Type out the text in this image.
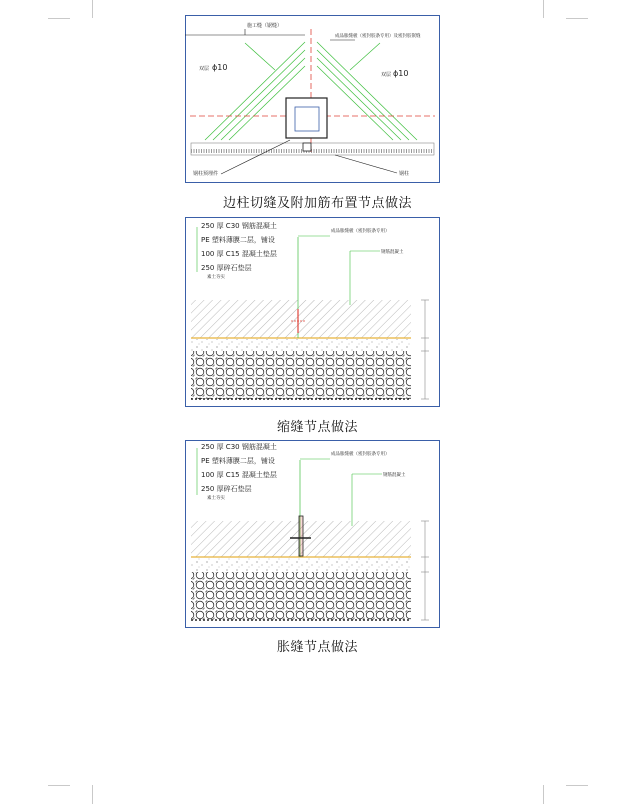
施工缝（锯缝）
成品胀缝板（密封胶条专用）及密封胶嵌缝
双层 ϕ10
双层 ϕ10
钢柱预埋件	钢柱
边柱切缝及附加筋布置节点做法
250 厚 C30 钢筋混凝土
PE 塑料薄膜二层，铺设
100 厚 C15 混凝土垫层
250 厚碎石垫层
素土夯实
成品胀缝板（密封胶条专用）
钢筋混凝土
缩缝节点做法
250 厚 C30 钢筋混凝土
PE 塑料薄膜二层，铺设
100 厚 C15 混凝土垫层
250 厚碎石垫层
素土夯实
成品胀缝板（密封胶条专用）
钢筋混凝土
胀缝节点做法
